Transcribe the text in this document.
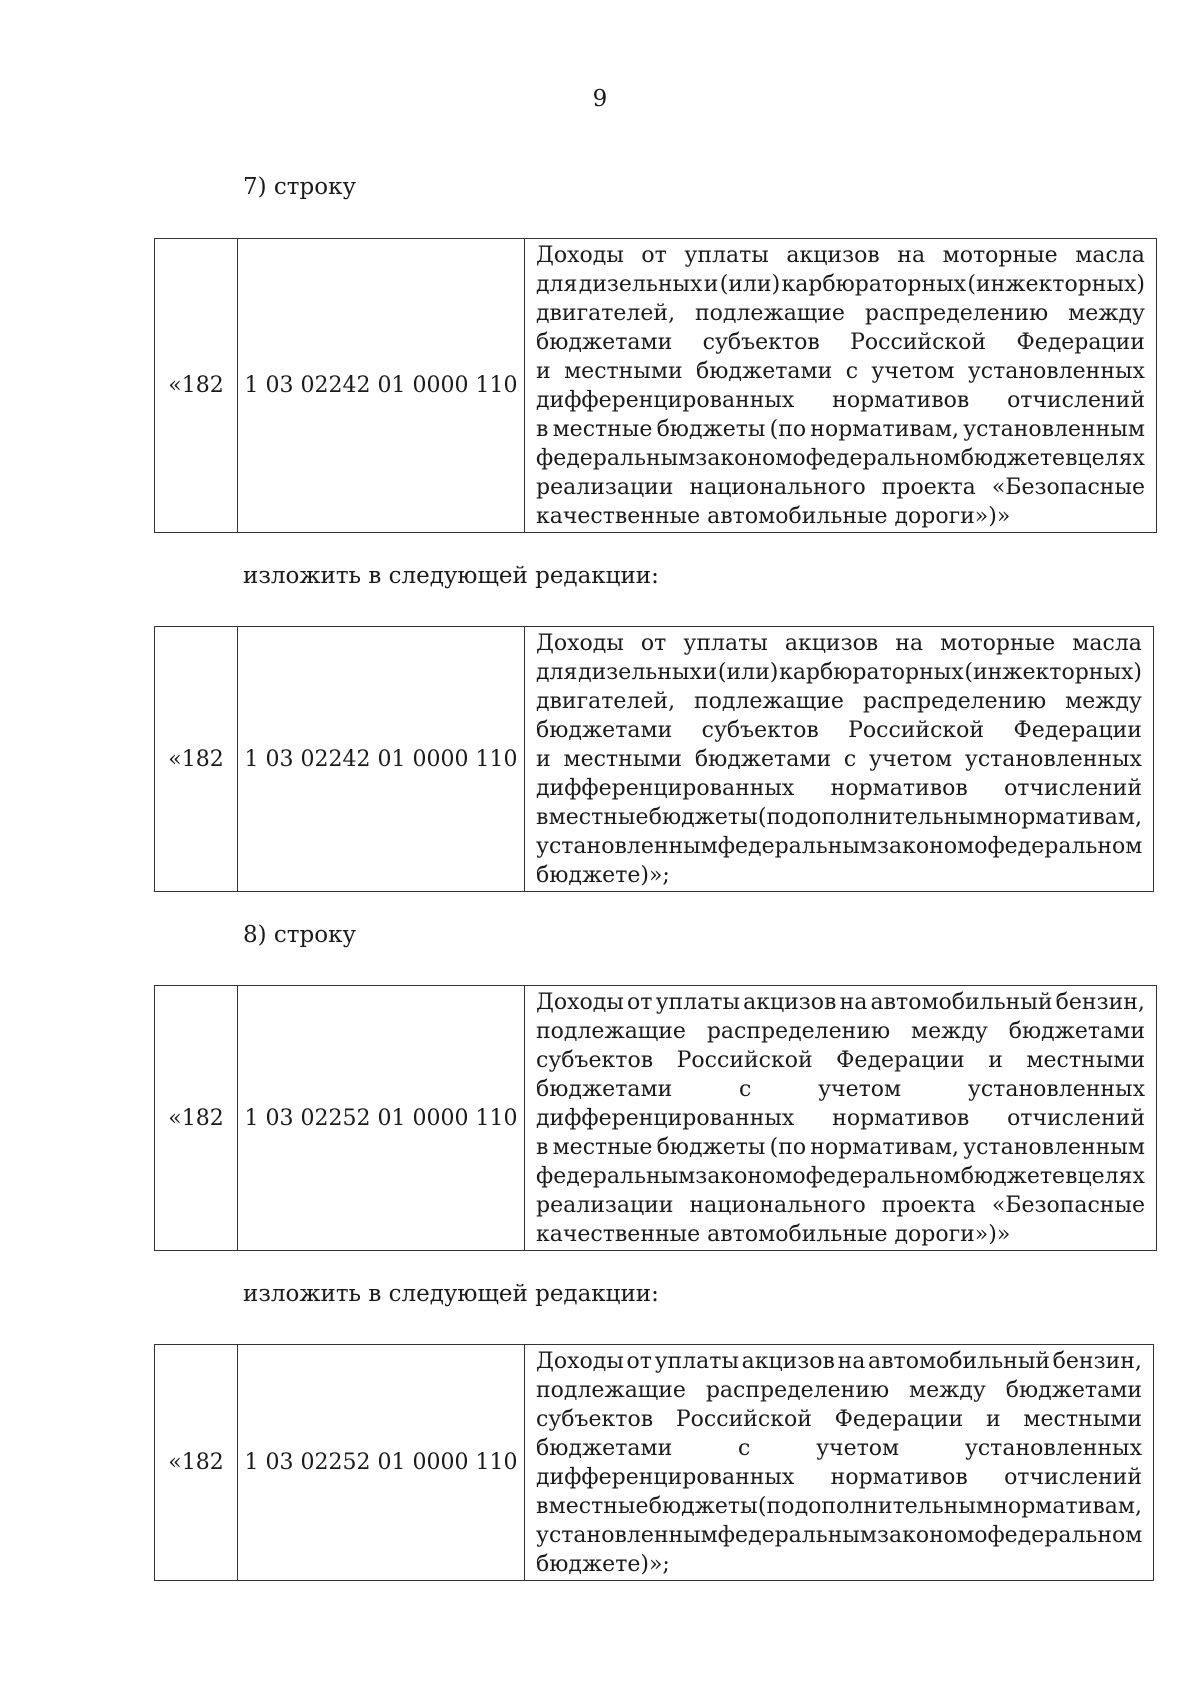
9
7) строку
«182	1 03 02242 01 0000 110	
Доходы от уплаты акцизов на моторные масла
для дизельных и (или) карбюраторных (инжекторных)
двигателей, подлежащие распределению между
бюджетами субъектов Российской Федерации
и местными бюджетами с учетом установленных
дифференцированных нормативов отчислений
в местные бюджеты (по нормативам, установленным
федеральным законом о федеральном бюджете в целях
реализации национального проекта «Безопасные
качественные автомобильные дороги»)»
изложить в следующей редакции:
«182	1 03 02242 01 0000 110	
Доходы от уплаты акцизов на моторные масла
для дизельных и (или) карбюраторных (инжекторных)
двигателей, подлежащие распределению между
бюджетами субъектов Российской Федерации
и местными бюджетами с учетом установленных
дифференцированных нормативов отчислений
в местные бюджеты (по дополнительным нормативам,
установленным федеральным законом о федеральном
бюджете)»;
8) строку
«182	1 03 02252 01 0000 110	
Доходы от уплаты акцизов на автомобильный бензин,
подлежащие распределению между бюджетами
субъектов Российской Федерации и местными
бюджетами	с	учетом	установленных
дифференцированных нормативов отчислений
в местные бюджеты (по нормативам, установленным
федеральным законом о федеральном бюджете в целях
реализации национального проекта «Безопасные
качественные автомобильные дороги»)»
изложить в следующей редакции:
«182	1 03 02252 01 0000 110	
Доходы от уплаты акцизов на автомобильный бензин,
подлежащие распределению между бюджетами
субъектов Российской Федерации и местными
бюджетами	с	учетом	установленных
дифференцированных нормативов отчислений
в местные бюджеты (по дополнительным нормативам,
установленным федеральным законом о федеральном
бюджете)»;
